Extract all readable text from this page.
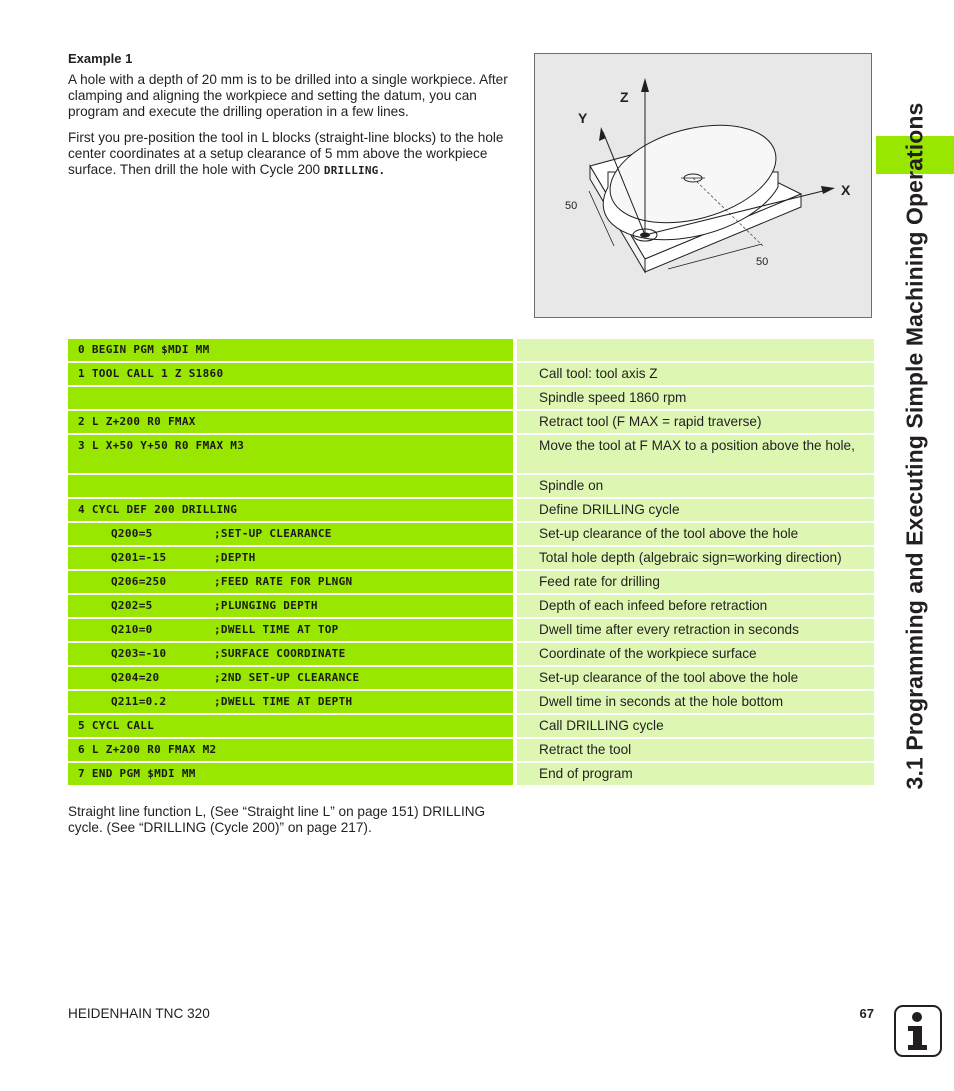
Example 1

A hole with a depth of 20 mm is to be drilled into a single workpiece. After clamping and aligning the workpiece and setting the datum, you can program and execute the drilling operation in a few lines.

First you pre-position the tool in L blocks (straight-line blocks) to the hole center coordinates at a setup clearance of 5 mm above the workpiece surface. Then drill the hole with Cycle 200 DRILLING.

Z
Y
X
50
50
0 BEGIN PGM $MDI MM
1 TOOL CALL 1 Z S1860	Call tool: tool axis Z
Spindle speed 1860 rpm
2 L Z+200 R0 FMAX	Retract tool (F MAX = rapid traverse)
3 L X+50 Y+50 R0 FMAX M3	Move the tool at F MAX to a position above the hole,
Spindle on
4 CYCL DEF 200 DRILLING	Define DRILLING cycle
Q200=5	;SET-UP CLEARANCE	Set-up clearance of the tool above the hole
Q201=-15	;DEPTH	Total hole depth (algebraic sign=working direction)
Q206=250	;FEED RATE FOR PLNGN	Feed rate for drilling
Q202=5	;PLUNGING DEPTH	Depth of each infeed before retraction
Q210=0	;DWELL TIME AT TOP	Dwell time after every retraction in seconds
Q203=-10	;SURFACE COORDINATE	Coordinate of the workpiece surface
Q204=20	;2ND SET-UP CLEARANCE	Set-up clearance of the tool above the hole
Q211=0.2	;DWELL TIME AT DEPTH	Dwell time in seconds at the hole bottom
5 CYCL CALL	Call DRILLING cycle
6 L Z+200 R0 FMAX M2	Retract the tool
7 END PGM $MDI MM	End of program

Straight line function L, (See “Straight line L” on page 151) DRILLING cycle. (See “DRILLING (Cycle 200)” on page 217).

HEIDENHAIN TNC 320	67
3.1 Programming and Executing Simple Machining Operations
